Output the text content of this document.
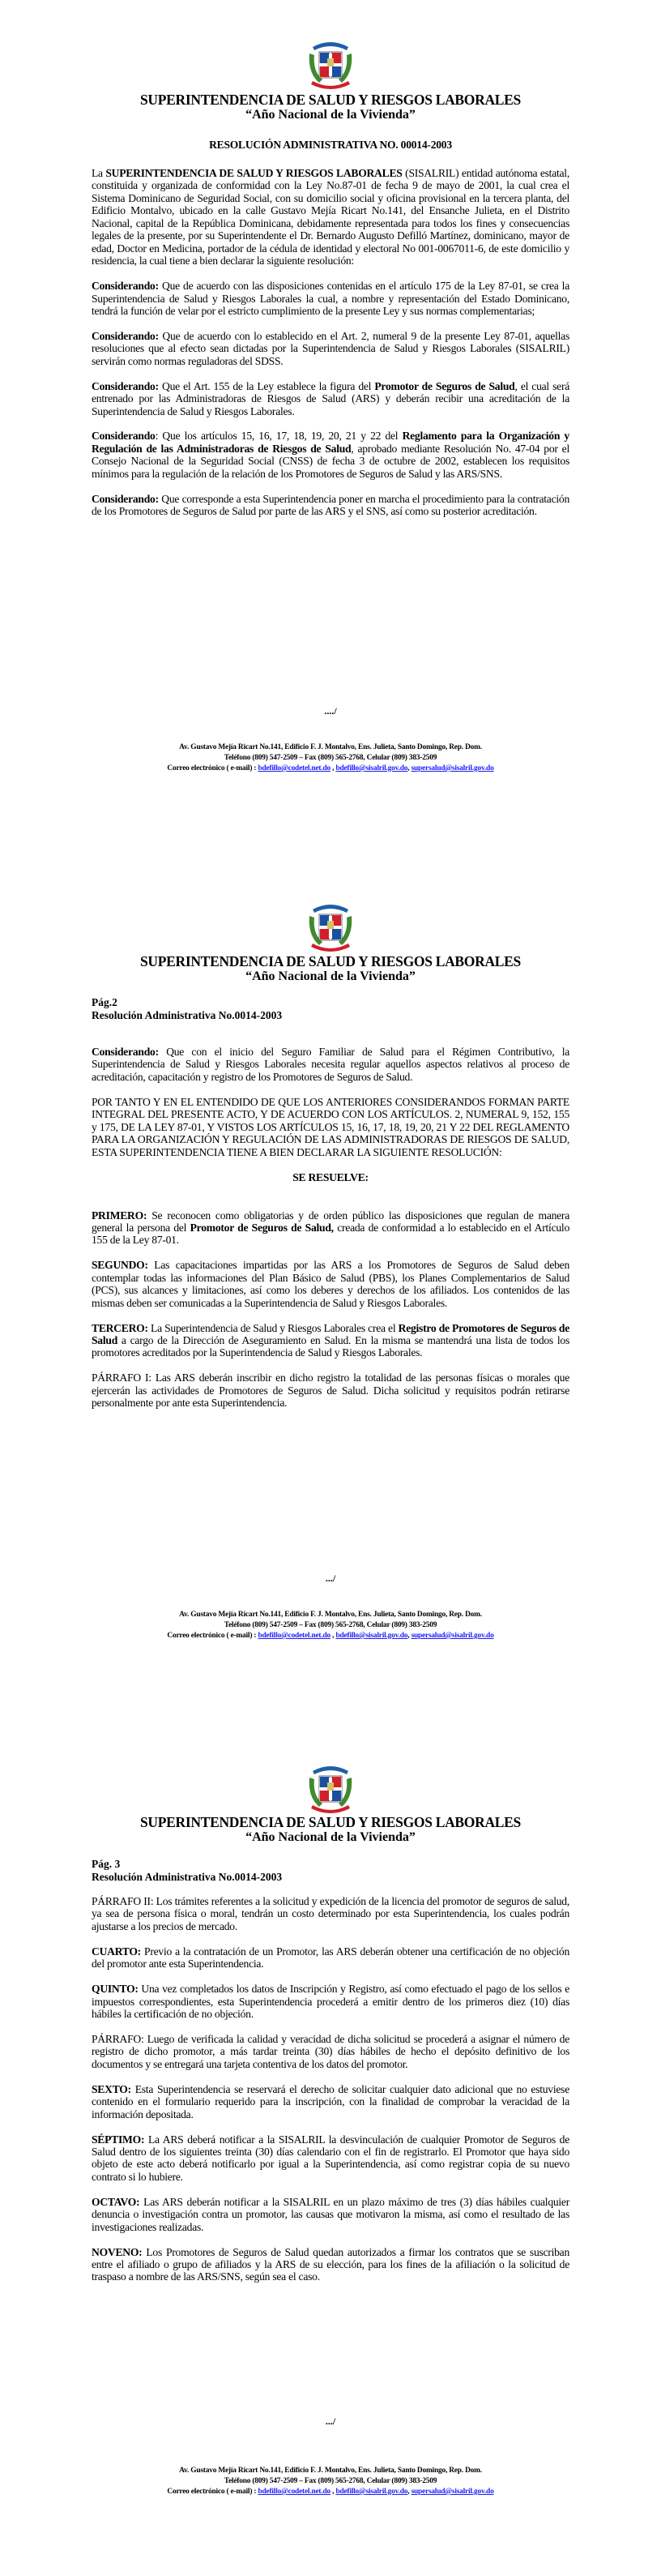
SUPERINTENDENCIA DE SALUD Y RIESGOS LABORALES
“Año Nacional de la Vivienda”
RESOLUCIÓN ADMINISTRATIVA NO. 00014-2003

La SUPERINTENDENCIA DE SALUD Y RIESGOS LABORALES (SISALRIL) entidad autónoma estatal, constituida y organizada de conformidad con la Ley No.87-01 de fecha 9 de mayo de 2001, la cual crea el Sistema Dominicano de Seguridad Social, con su domicilio social y oficina provisional en la tercera planta, del Edificio Montalvo, ubicado en la calle Gustavo Mejía Ricart No.141, del Ensanche Julieta, en el Distrito Nacional, capital de la República Dominicana, debidamente representada para todos los fines y consecuencias legales de la presente, por su Superintendente el Dr. Bernardo Augusto Defilló Martínez, dominicano, mayor de edad, Doctor en Medicina, portador de la cédula de identidad y electoral No 001-0067011-6, de este domicilio y residencia, la cual tiene a bien declarar la siguiente resolución:

Considerando: Que de acuerdo con las disposiciones contenidas en el artículo 175 de la Ley 87-01, se crea la Superintendencia de Salud y Riesgos Laborales la cual, a nombre y representación del Estado Dominicano, tendrá la función de velar por el estricto cumplimiento de la presente Ley y sus normas complementarias;

Considerando: Que de acuerdo con lo establecido en el Art. 2, numeral 9 de la presente Ley 87-01, aquellas resoluciones que al efecto sean dictadas por la Superintendencia de Salud y Riesgos Laborales (SISALRIL) servirán como normas reguladoras del SDSS.

Considerando: Que el Art. 155 de la Ley establece la figura del Promotor de Seguros de Salud, el cual será entrenado por las Administradoras de Riesgos de Salud (ARS) y deberán recibir una acreditación de la Superintendencia de Salud y Riesgos Laborales.

Considerando: Que los artículos 15, 16, 17, 18, 19, 20, 21 y 22 del Reglamento para la Organización y Regulación de las Administradoras de Riesgos de Salud, aprobado mediante Resolución No. 47-04 por el Consejo Nacional de la Seguridad Social (CNSS) de fecha 3 de octubre de 2002, establecen los requisitos mínimos para la regulación de la relación de los Promotores de Seguros de Salud y las ARS/SNS.

Considerando: Que corresponde a esta Superintendencia poner en marcha el procedimiento para la contratación de los Promotores de Seguros de Salud por parte de las ARS y el SNS, así como su posterior acreditación.

..../
Av. Gustavo Mejía Ricart No.141, Edificio F. J. Montalvo, Ens. Julieta, Santo Domingo, Rep. Dom.
Teléfono (809) 547-2509 – Fax (809) 565-2768, Celular (809) 383-2509
Correo electrónico ( e-mail) : bdefillo@codetel.net.do , bdefillo@sisalril.gov.do, supersalud@sisalril.gov.do
SUPERINTENDENCIA DE SALUD Y RIESGOS LABORALES
“Año Nacional de la Vivienda”
Pág.2
Resolución Administrativa No.0014-2003

Considerando: Que con el inicio del Seguro Familiar de Salud para el Régimen Contributivo, la Superintendencia de Salud y Riesgos Laborales necesita regular aquellos aspectos relativos al proceso de acreditación, capacitación y registro de los Promotores de Seguros de Salud.

POR TANTO Y EN EL ENTENDIDO DE QUE LOS ANTERIORES CONSIDERANDOS FORMAN PARTE INTEGRAL DEL PRESENTE ACTO, Y DE ACUERDO CON LOS ARTÍCULOS. 2, NUMERAL 9, 152, 155 y 175, DE LA LEY 87-01, Y VISTOS LOS ARTÍCULOS 15, 16, 17, 18, 19, 20, 21 Y 22 DEL REGLAMENTO PARA LA ORGANIZACIÓN Y REGULACIÓN DE LAS ADMINISTRADORAS DE RIESGOS DE SALUD, ESTA SUPERINTENDENCIA TIENE A BIEN DECLARAR LA SIGUIENTE RESOLUCIÓN:

SE RESUELVE:

PRIMERO: Se reconocen como obligatorias y de orden público las disposiciones que regulan de manera general la persona del Promotor de Seguros de Salud, creada de conformidad a lo establecido en el Artículo 155 de la Ley 87-01.

SEGUNDO: Las capacitaciones impartidas por las ARS a los Promotores de Seguros de Salud deben contemplar todas las informaciones del Plan Básico de Salud (PBS), los Planes Complementarios de Salud (PCS), sus alcances y limitaciones, así como los deberes y derechos de los afiliados. Los contenidos de las mismas deben ser comunicadas a la Superintendencia de Salud y Riesgos Laborales.

TERCERO: La Superintendencia de Salud y Riesgos Laborales crea el Registro de Promotores de Seguros de Salud a cargo de la Dirección de Aseguramiento en Salud. En la misma se mantendrá una lista de todos los promotores acreditados por la Superintendencia de Salud y Riesgos Laborales.

PÁRRAFO I: Las ARS deberán inscribir en dicho registro la totalidad de las personas físicas o morales que ejercerán las actividades de Promotores de Seguros de Salud. Dicha solicitud y requisitos podrán retirarse personalmente por ante esta Superintendencia.

.../
Av. Gustavo Mejía Ricart No.141, Edificio F. J. Montalvo, Ens. Julieta, Santo Domingo, Rep. Dom.
Teléfono (809) 547-2509 – Fax (809) 565-2768, Celular (809) 383-2509
Correo electrónico ( e-mail) : bdefillo@codetel.net.do , bdefillo@sisalril.gov.do, supersalud@sisalril.gov.do
SUPERINTENDENCIA DE SALUD Y RIESGOS LABORALES
“Año Nacional de la Vivienda”
Pág. 3
Resolución Administrativa No.0014-2003

PÁRRAFO II: Los trámites referentes a la solicitud y expedición de la licencia del promotor de seguros de salud, ya sea de persona física o moral, tendrán un costo determinado por esta Superintendencia, los cuales podrán ajustarse a los precios de mercado.

CUARTO: Previo a la contratación de un Promotor, las ARS deberán obtener una certificación de no objeción del promotor ante esta Superintendencia.

QUINTO: Una vez completados los datos de Inscripción y Registro, así como efectuado el pago de los sellos e impuestos correspondientes, esta Superintendencia procederá a emitir dentro de los primeros diez (10) días hábiles la certificación de no objeción.

PÁRRAFO: Luego de verificada la calidad y veracidad de dicha solicitud se procederá a asignar el número de registro de dicho promotor, a más tardar treinta (30) días hábiles de hecho el depósito definitivo de los documentos y se entregará una tarjeta contentiva de los datos del promotor.

SEXTO: Esta Superintendencia se reservará el derecho de solicitar cualquier dato adicional que no estuviese contenido en el formulario requerido para la inscripción, con la finalidad de comprobar la veracidad de la información depositada.

SÉPTIMO: La ARS deberá notificar a la SISALRIL la desvinculación de cualquier Promotor de Seguros de Salud dentro de los siguientes treinta (30) días calendario con el fin de registrarlo. El Promotor que haya sido objeto de este acto deberá notificarlo por igual a la Superintendencia, así como registrar copia de su nuevo contrato si lo hubiere.

OCTAVO: Las ARS deberán notificar a la SISALRIL en un plazo máximo de tres (3) días hábiles cualquier denuncia o investigación contra un promotor, las causas que motivaron la misma, así como el resultado de las investigaciones realizadas.

NOVENO: Los Promotores de Seguros de Salud quedan autorizados a firmar los contratos que se suscriban entre el afiliado o grupo de afiliados y la ARS de su elección, para los fines de la afiliación o la solicitud de traspaso a nombre de las ARS/SNS, según sea el caso.

.../
Av. Gustavo Mejía Ricart No.141, Edificio F. J. Montalvo, Ens. Julieta, Santo Domingo, Rep. Dom.
Teléfono (809) 547-2509 – Fax (809) 565-2768, Celular (809) 383-2509
Correo electrónico ( e-mail) : bdefillo@codetel.net.do , bdefillo@sisalril.gov.do, supersalud@sisalril.gov.do
